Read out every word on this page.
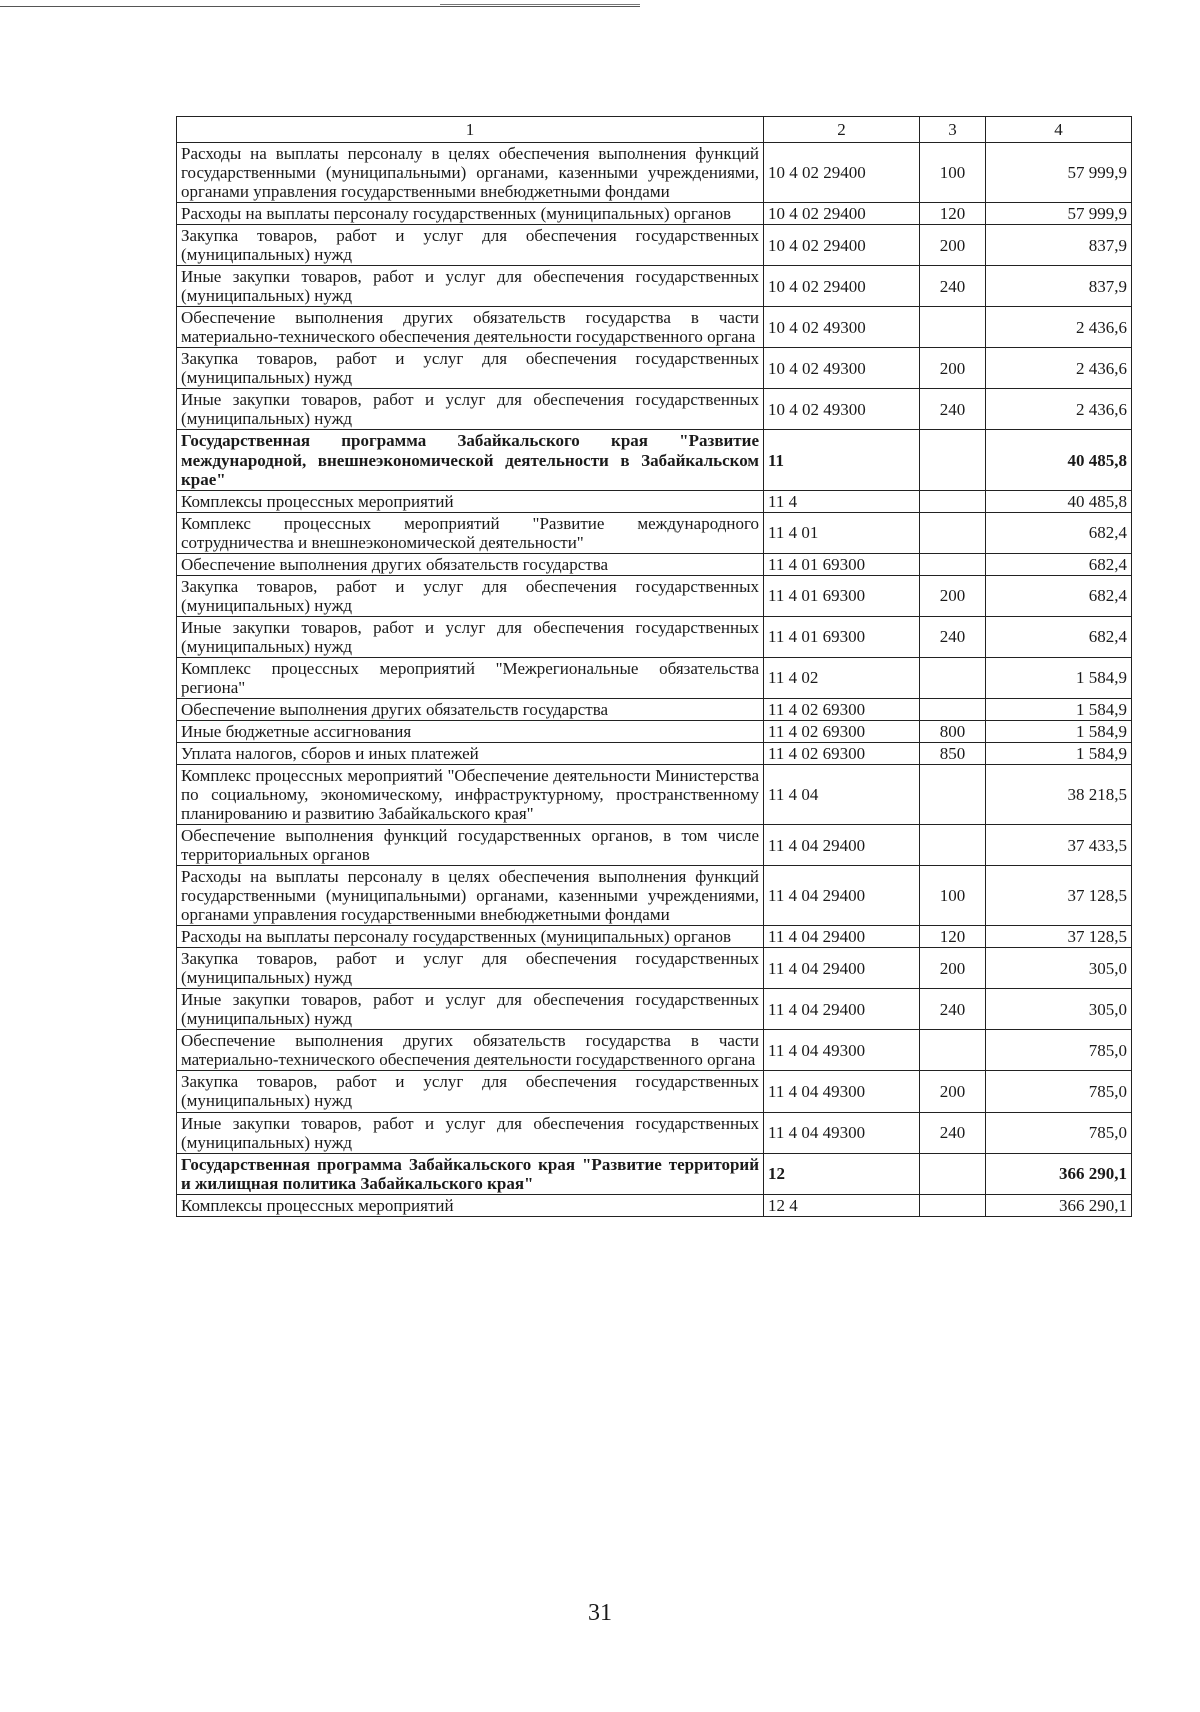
1	2	3	4
Расходы на выплаты персоналу в целях обеспечения выполнения функций государственными (муниципальными) органами, казенными учреждениями, органами управления государственными внебюджетными фондами	10 4 02 29400	100	57 999,9
Расходы на выплаты персоналу государственных (муниципальных) органов	10 4 02 29400	120	57 999,9
Закупка товаров, работ и услуг для обеспечения государственных (муниципальных) нужд	10 4 02 29400	200	837,9
Иные закупки товаров, работ и услуг для обеспечения государственных (муниципальных) нужд	10 4 02 29400	240	837,9
Обеспечение выполнения других обязательств государства в части материально-технического обеспечения деятельности государственного органа	10 4 02 49300		2 436,6
Закупка товаров, работ и услуг для обеспечения государственных (муниципальных) нужд	10 4 02 49300	200	2 436,6
Иные закупки товаров, работ и услуг для обеспечения государственных (муниципальных) нужд	10 4 02 49300	240	2 436,6
Государственная программа Забайкальского края "Развитие международной, внешнеэкономической деятельности в Забайкальском крае"	11		40 485,8
Комплексы процессных мероприятий	11 4		40 485,8
Комплекс процессных мероприятий "Развитие международного сотрудничества и внешнеэкономической деятельности"	11 4 01		682,4
Обеспечение выполнения других обязательств государства	11 4 01 69300		682,4
Закупка товаров, работ и услуг для обеспечения государственных (муниципальных) нужд	11 4 01 69300	200	682,4
Иные закупки товаров, работ и услуг для обеспечения государственных (муниципальных) нужд	11 4 01 69300	240	682,4
Комплекс процессных мероприятий "Межрегиональные обязательства региона"	11 4 02		1 584,9
Обеспечение выполнения других обязательств государства	11 4 02 69300		1 584,9
Иные бюджетные ассигнования	11 4 02 69300	800	1 584,9
Уплата налогов, сборов и иных платежей	11 4 02 69300	850	1 584,9
Комплекс процессных мероприятий "Обеспечение деятельности Министерства по социальному, экономическому, инфраструктурному, пространственному планированию и развитию Забайкальского края"	11 4 04		38 218,5
Обеспечение выполнения функций государственных органов, в том числе территориальных органов	11 4 04 29400		37 433,5
Расходы на выплаты персоналу в целях обеспечения выполнения функций государственными (муниципальными) органами, казенными учреждениями, органами управления государственными внебюджетными фондами	11 4 04 29400	100	37 128,5
Расходы на выплаты персоналу государственных (муниципальных) органов	11 4 04 29400	120	37 128,5
Закупка товаров, работ и услуг для обеспечения государственных (муниципальных) нужд	11 4 04 29400	200	305,0
Иные закупки товаров, работ и услуг для обеспечения государственных (муниципальных) нужд	11 4 04 29400	240	305,0
Обеспечение выполнения других обязательств государства в части материально-технического обеспечения деятельности государственного органа	11 4 04 49300		785,0
Закупка товаров, работ и услуг для обеспечения государственных (муниципальных) нужд	11 4 04 49300	200	785,0
Иные закупки товаров, работ и услуг для обеспечения государственных (муниципальных) нужд	11 4 04 49300	240	785,0
Государственная программа Забайкальского края "Развитие территорий и жилищная политика Забайкальского края"	12		366 290,1
Комплексы процессных мероприятий	12 4		366 290,1
31
